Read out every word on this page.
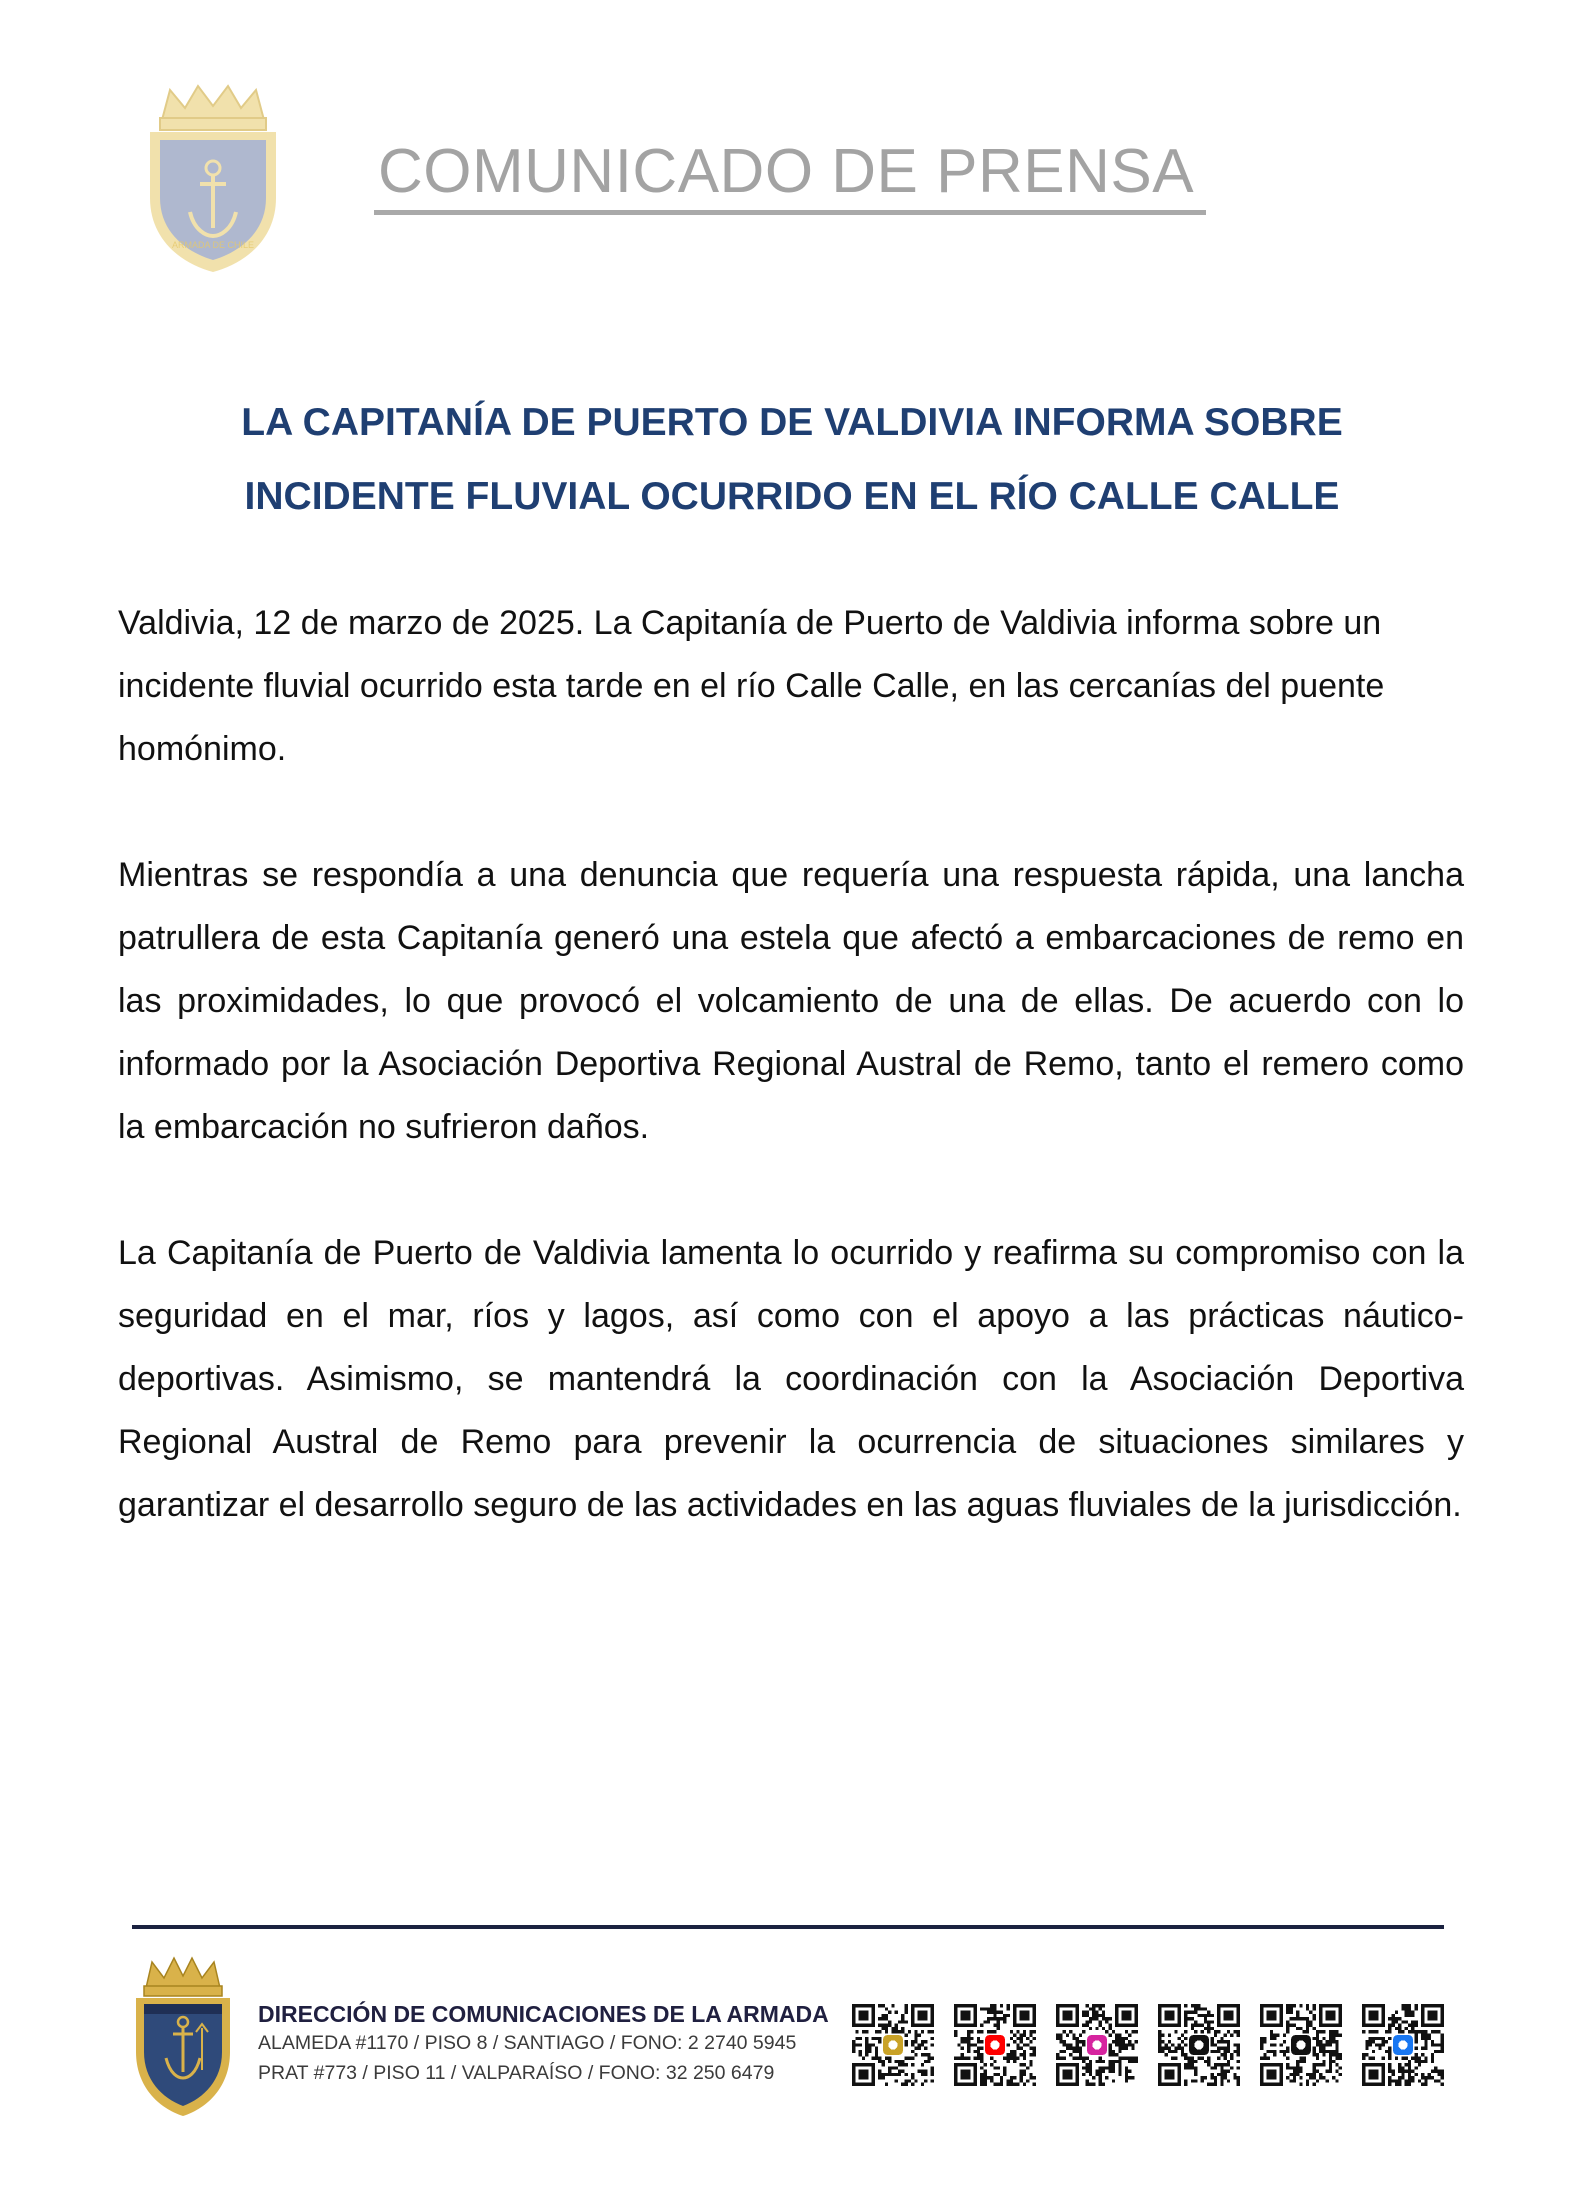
ARMADA DE CHILE
COMUNICADO DE PRENSA
LA CAPITANÍA DE PUERTO DE VALDIVIA INFORMA SOBRE
INCIDENTE FLUVIAL OCURRIDO EN EL RÍO CALLE CALLE

Valdivia, 12 de marzo de 2025. La Capitanía de Puerto de Valdivia informa sobre un incidente fluvial ocurrido esta tarde en el río Calle Calle, en las cercanías del puente homónimo.

Mientras se respondía a una denuncia que requería una respuesta rápida, una lancha patrullera de esta Capitanía generó una estela que afectó a embarcaciones de remo en las proximidades, lo que provocó el volcamiento de una de ellas. De acuerdo con lo informado por la Asociación Deportiva Regional Austral de Remo, tanto el remero como la embarcación no sufrieron daños.

La Capitanía de Puerto de Valdivia lamenta lo ocurrido y reafirma su compromiso con la seguridad en el mar, ríos y lagos, así como con el apoyo a las prácticas náutico-deportivas. Asimismo, se mantendrá la coordinación con la Asociación Deportiva Regional Austral de Remo para prevenir la ocurrencia de situaciones similares y garantizar el desarrollo seguro de las actividades en las aguas fluviales de la jurisdicción.

DIRECCIÓN DE COMUNICACIONES DE LA ARMADA
ALAMEDA #1170 / PISO 8 / SANTIAGO / FONO: 2 2740 5945
PRAT #773 / PISO 11 / VALPARAÍSO / FONO: 32 250 6479
